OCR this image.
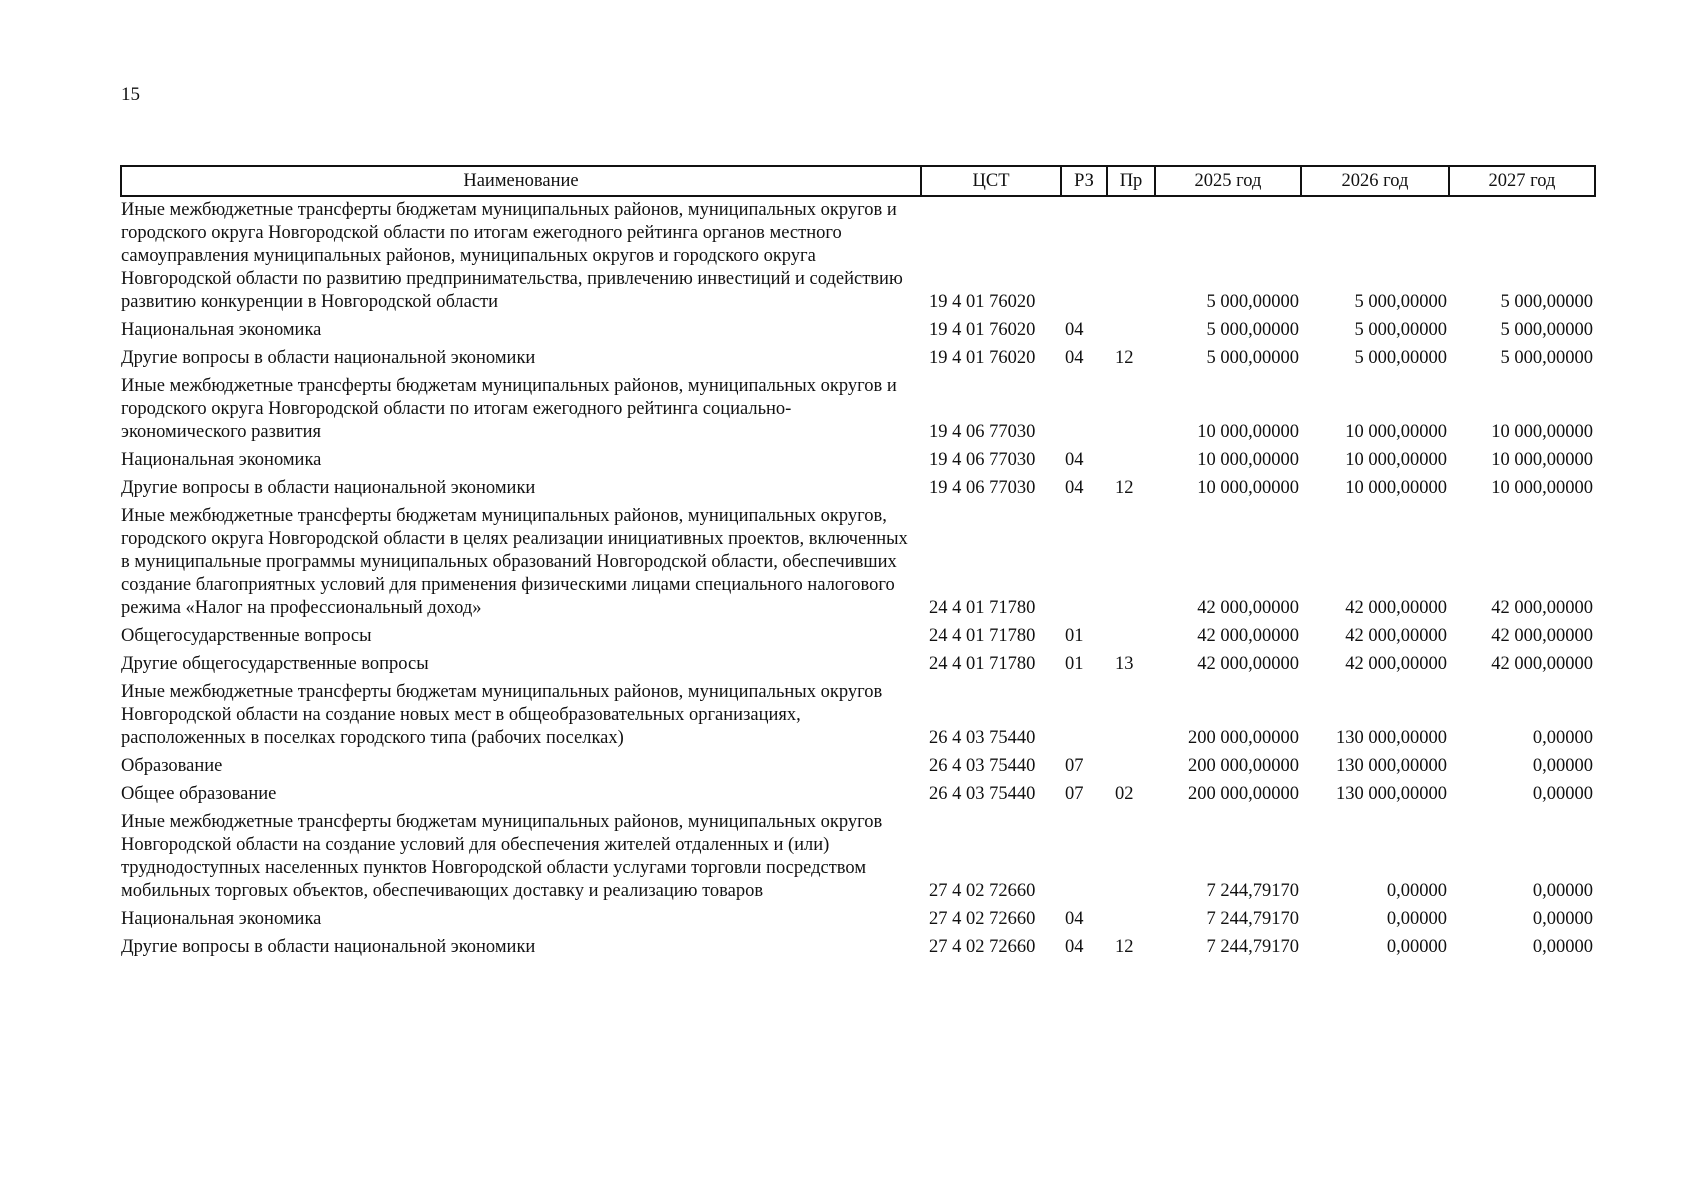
15
Наименование	ЦСТ	РЗ	Пр	2025 год	2026 год	2027 год
Иные межбюджетные трансферты бюджетам муниципальных районов, муниципальных округов и городского округа Новгородской области по итогам ежегодного рейтинга органов местного самоуправления муниципальных районов, муниципальных округов и городского округа Новгородской области по развитию предпринимательства, привлечению инвестиций и содействию развитию конкуренции в Новгородской области	19 4 01 76020			5 000,00000	5 000,00000	5 000,00000
Национальная экономика	19 4 01 76020	04		5 000,00000	5 000,00000	5 000,00000
Другие вопросы в области национальной экономики	19 4 01 76020	04	12	5 000,00000	5 000,00000	5 000,00000
Иные межбюджетные трансферты бюджетам муниципальных районов, муниципальных округов и городского округа Новгородской области по итогам ежегодного рейтинга социально-экономического развития	19 4 06 77030			10 000,00000	10 000,00000	10 000,00000
Национальная экономика	19 4 06 77030	04		10 000,00000	10 000,00000	10 000,00000
Другие вопросы в области национальной экономики	19 4 06 77030	04	12	10 000,00000	10 000,00000	10 000,00000
Иные межбюджетные трансферты бюджетам муниципальных районов, муниципальных округов, городского округа Новгородской области в целях реализации инициативных проектов, включенных в муниципальные программы муниципальных образований Новгородской области, обеспечивших создание благоприятных условий для применения физическими лицами специального налогового режима «Налог на профессиональный доход»	24 4 01 71780			42 000,00000	42 000,00000	42 000,00000
Общегосударственные вопросы	24 4 01 71780	01		42 000,00000	42 000,00000	42 000,00000
Другие общегосударственные вопросы	24 4 01 71780	01	13	42 000,00000	42 000,00000	42 000,00000
Иные межбюджетные трансферты бюджетам муниципальных районов, муниципальных округов Новгородской области на создание новых мест в общеобразовательных организациях, расположенных в поселках городского типа (рабочих поселках)	26 4 03 75440			200 000,00000	130 000,00000	0,00000
Образование	26 4 03 75440	07		200 000,00000	130 000,00000	0,00000
Общее образование	26 4 03 75440	07	02	200 000,00000	130 000,00000	0,00000
Иные межбюджетные трансферты бюджетам муниципальных районов, муниципальных округов Новгородской области на создание условий для обеспечения жителей отдаленных и (или) труднодоступных населенных пунктов Новгородской области услугами торговли посредством мобильных торговых объектов, обеспечивающих доставку и реализацию товаров	27 4 02 72660			7 244,79170	0,00000	0,00000
Национальная экономика	27 4 02 72660	04		7 244,79170	0,00000	0,00000
Другие вопросы в области национальной экономики	27 4 02 72660	04	12	7 244,79170	0,00000	0,00000
